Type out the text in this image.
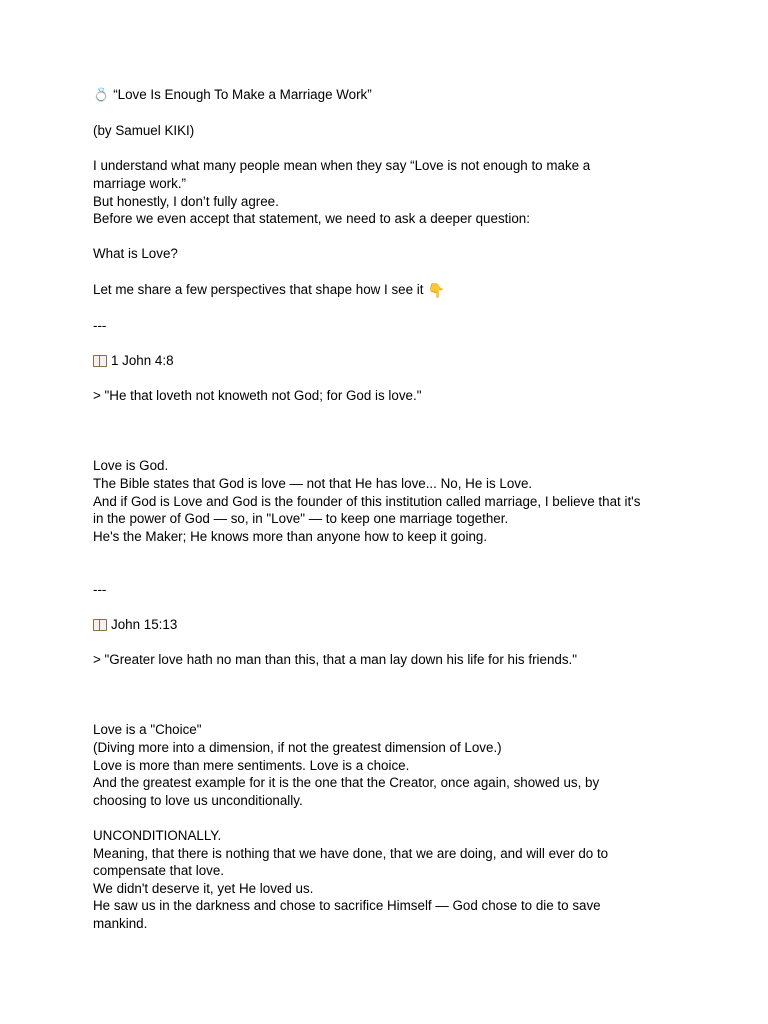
💍 “Love Is Enough To Make a Marriage Work”
(by Samuel KIKI)
I understand what many people mean when they say “Love is not enough to make a
marriage work.”
But honestly, I don’t fully agree.
Before we even accept that statement, we need to ask a deeper question:
What is Love?
Let me share a few perspectives that shape how I see it 👇
---
1 John 4:8
> "He that loveth not knoweth not God; for God is love."
Love is God.
The Bible states that God is love — not that He has love... No, He is Love.
And if God is Love and God is the founder of this institution called marriage, I believe that it's
in the power of God — so, in "Love" — to keep one marriage together.
He's the Maker; He knows more than anyone how to keep it going.
---
John 15:13
> "Greater love hath no man than this, that a man lay down his life for his friends."
Love is a "Choice"
(Diving more into a dimension, if not the greatest dimension of Love.)
Love is more than mere sentiments. Love is a choice.
And the greatest example for it is the one that the Creator, once again, showed us, by
choosing to love us unconditionally.
UNCONDITIONALLY.
Meaning, that there is nothing that we have done, that we are doing, and will ever do to
compensate that love.
We didn't deserve it, yet He loved us.
He saw us in the darkness and chose to sacrifice Himself — God chose to die to save
mankind.
